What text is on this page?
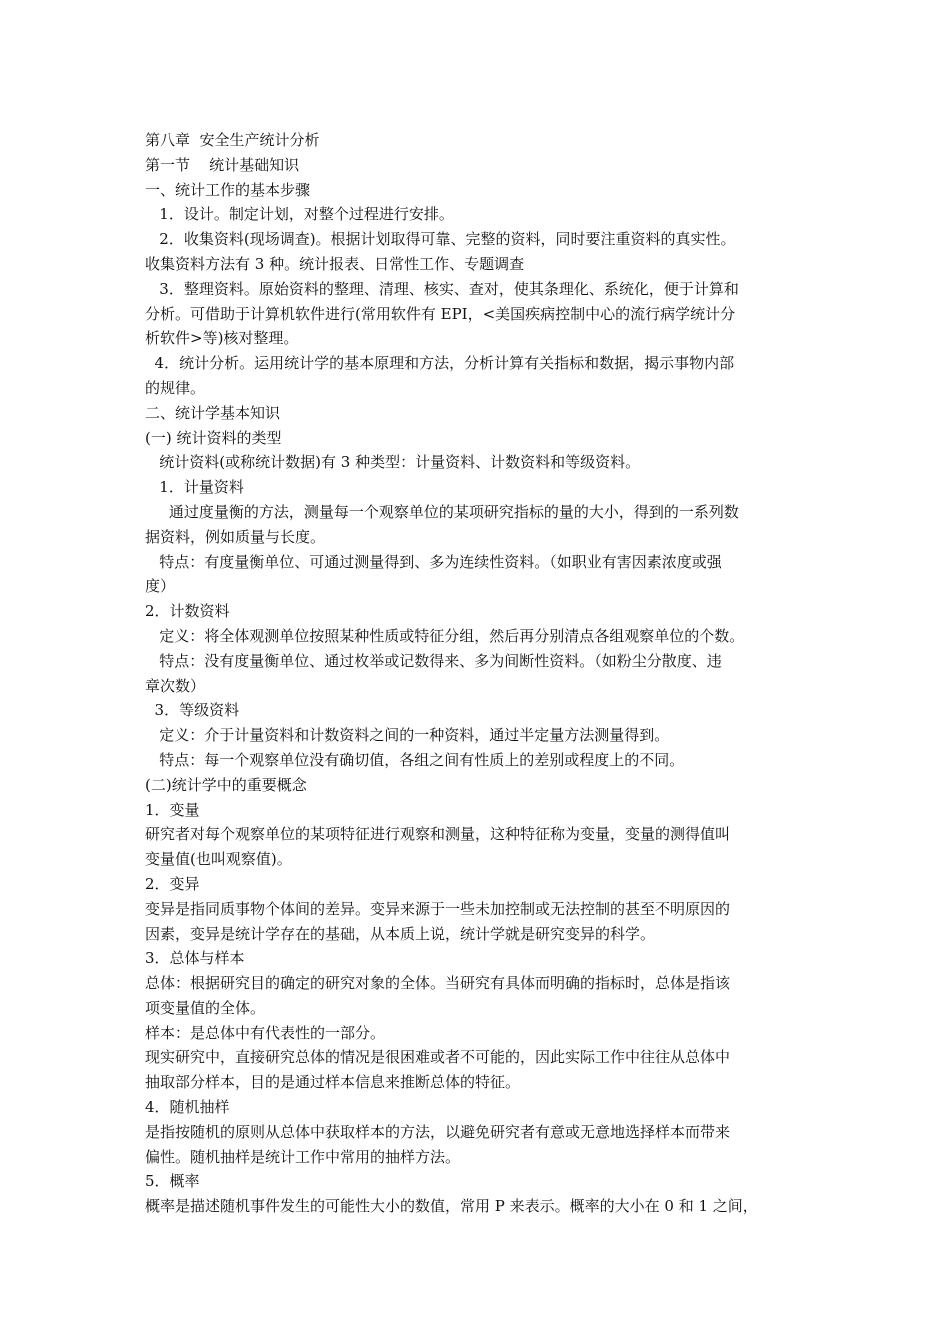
第八章  安全生产统计分析
第一节    统计基础知识
一、统计工作的基本步骤
1．设计。制定计划，对整个过程进行安排。
2．收集资料(现场调查)。根据计划取得可靠、完整的资料，同时要注重资料的真实性。
收集资料方法有 3 种。统计报表、日常性工作、专题调查
3．整理资料。原始资料的整理、清理、核实、查对，使其条理化、系统化，便于计算和
分析。可借助于计算机软件进行(常用软件有 EPI，<美国疾病控制中心的流行病学统计分
析软件>等)核对整理。
4．统计分析。运用统计学的基本原理和方法，分析计算有关指标和数据，揭示事物内部
的规律。
二、统计学基本知识
(一) 统计资料的类型
统计资料(或称统计数据)有 3 种类型：计量资料、计数资料和等级资料。
1．计量资料
通过度量衡的方法，测量每一个观察单位的某项研究指标的量的大小，得到的一系列数
据资料，例如质量与长度。
特点：有度量衡单位、可通过测量得到、多为连续性资料。（如职业有害因素浓度或强
度）
2．计数资料
定义：将全体观测单位按照某种性质或特征分组，然后再分别清点各组观察单位的个数。
特点：没有度量衡单位、通过枚举或记数得来、多为间断性资料。（如粉尘分散度、违
章次数）
3．等级资料
定义：介于计量资料和计数资料之间的一种资料，通过半定量方法测量得到。
特点：每一个观察单位没有确切值，各组之间有性质上的差别或程度上的不同。
(二)统计学中的重要概念
1．变量
研究者对每个观察单位的某项特征进行观察和测量，这种特征称为变量，变量的测得值叫
变量值(也叫观察值)。
2．变异
变异是指同质事物个体间的差异。变异来源于一些未加控制或无法控制的甚至不明原因的
因素，变异是统计学存在的基础，从本质上说，统计学就是研究变异的科学。
3．总体与样本
总体：根据研究目的确定的研究对象的全体。当研究有具体而明确的指标时，总体是指该
项变量值的全体。
样本：是总体中有代表性的一部分。
现实研究中，直接研究总体的情况是很困难或者不可能的，因此实际工作中往往从总体中
抽取部分样本，目的是通过样本信息来推断总体的特征。
4．随机抽样
是指按随机的原则从总体中获取样本的方法，以避免研究者有意或无意地选择样本而带来
偏性。随机抽样是统计工作中常用的抽样方法。
5．概率
概率是描述随机事件发生的可能性大小的数值，常用 P 来表示。概率的大小在 0 和 1 之间，
